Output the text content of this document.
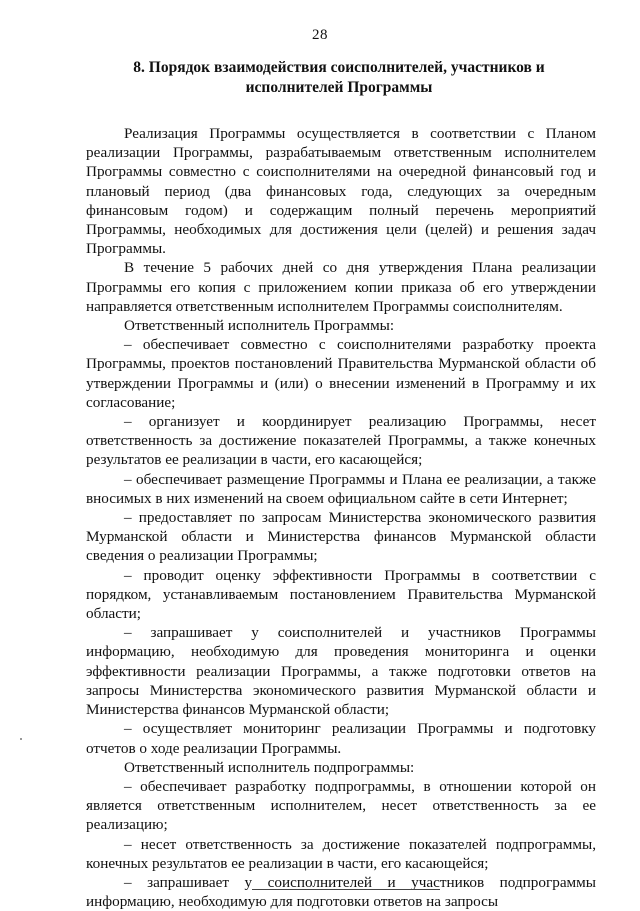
28
8. Порядок взаимодействия соисполнителей, участников и исполнителей Программы

Реализация Программы осуществляется в соответствии с Планом реализации Программы, разрабатываемым ответственным исполнителем Программы совместно с соисполнителями на очередной финансовый год и плановый период (два финансовых года, следующих за очередным финансовым годом) и содержащим полный перечень мероприятий Программы, необходимых для достижения цели (целей) и решения задач Программы.

В течение 5 рабочих дней со дня утверждения Плана реализации Программы его копия с приложением копии приказа об его утверждении направляется ответственным исполнителем Программы соисполнителям.

Ответственный исполнитель Программы:

– обеспечивает совместно с соисполнителями разработку проекта Программы, проектов постановлений Правительства Мурманской области об утверждении Программы и (или) о внесении изменений в Программу и их согласование;

– организует и координирует реализацию Программы, несет ответственность за достижение показателей Программы, а также конечных результатов ее реализации в части, его касающейся;

– обеспечивает размещение Программы и Плана ее реализации, а также вносимых в них изменений на своем официальном сайте в сети Интернет;

– предоставляет по запросам Министерства экономического развития Мурманской области и Министерства финансов Мурманской области сведения о реализации Программы;

– проводит оценку эффективности Программы в соответствии с порядком, устанавливаемым постановлением Правительства Мурманской области;

– запрашивает у соисполнителей и участников Программы информацию, необходимую для проведения мониторинга и оценки эффективности реализации Программы, а также подготовки ответов на запросы Министерства экономического развития Мурманской области и Министерства финансов Мурманской области;

– осуществляет мониторинг реализации Программы и подготовку отчетов о ходе реализации Программы.

Ответственный исполнитель подпрограммы:

– обеспечивает разработку подпрограммы, в отношении которой он является ответственным исполнителем, несет ответственность за ее реализацию;

– несет ответственность за достижение показателей подпрограммы, конечных результатов ее реализации в части, его касающейся;

– запрашивает у соисполнителей и участников подпрограммы информацию, необходимую для подготовки ответов на запросы
